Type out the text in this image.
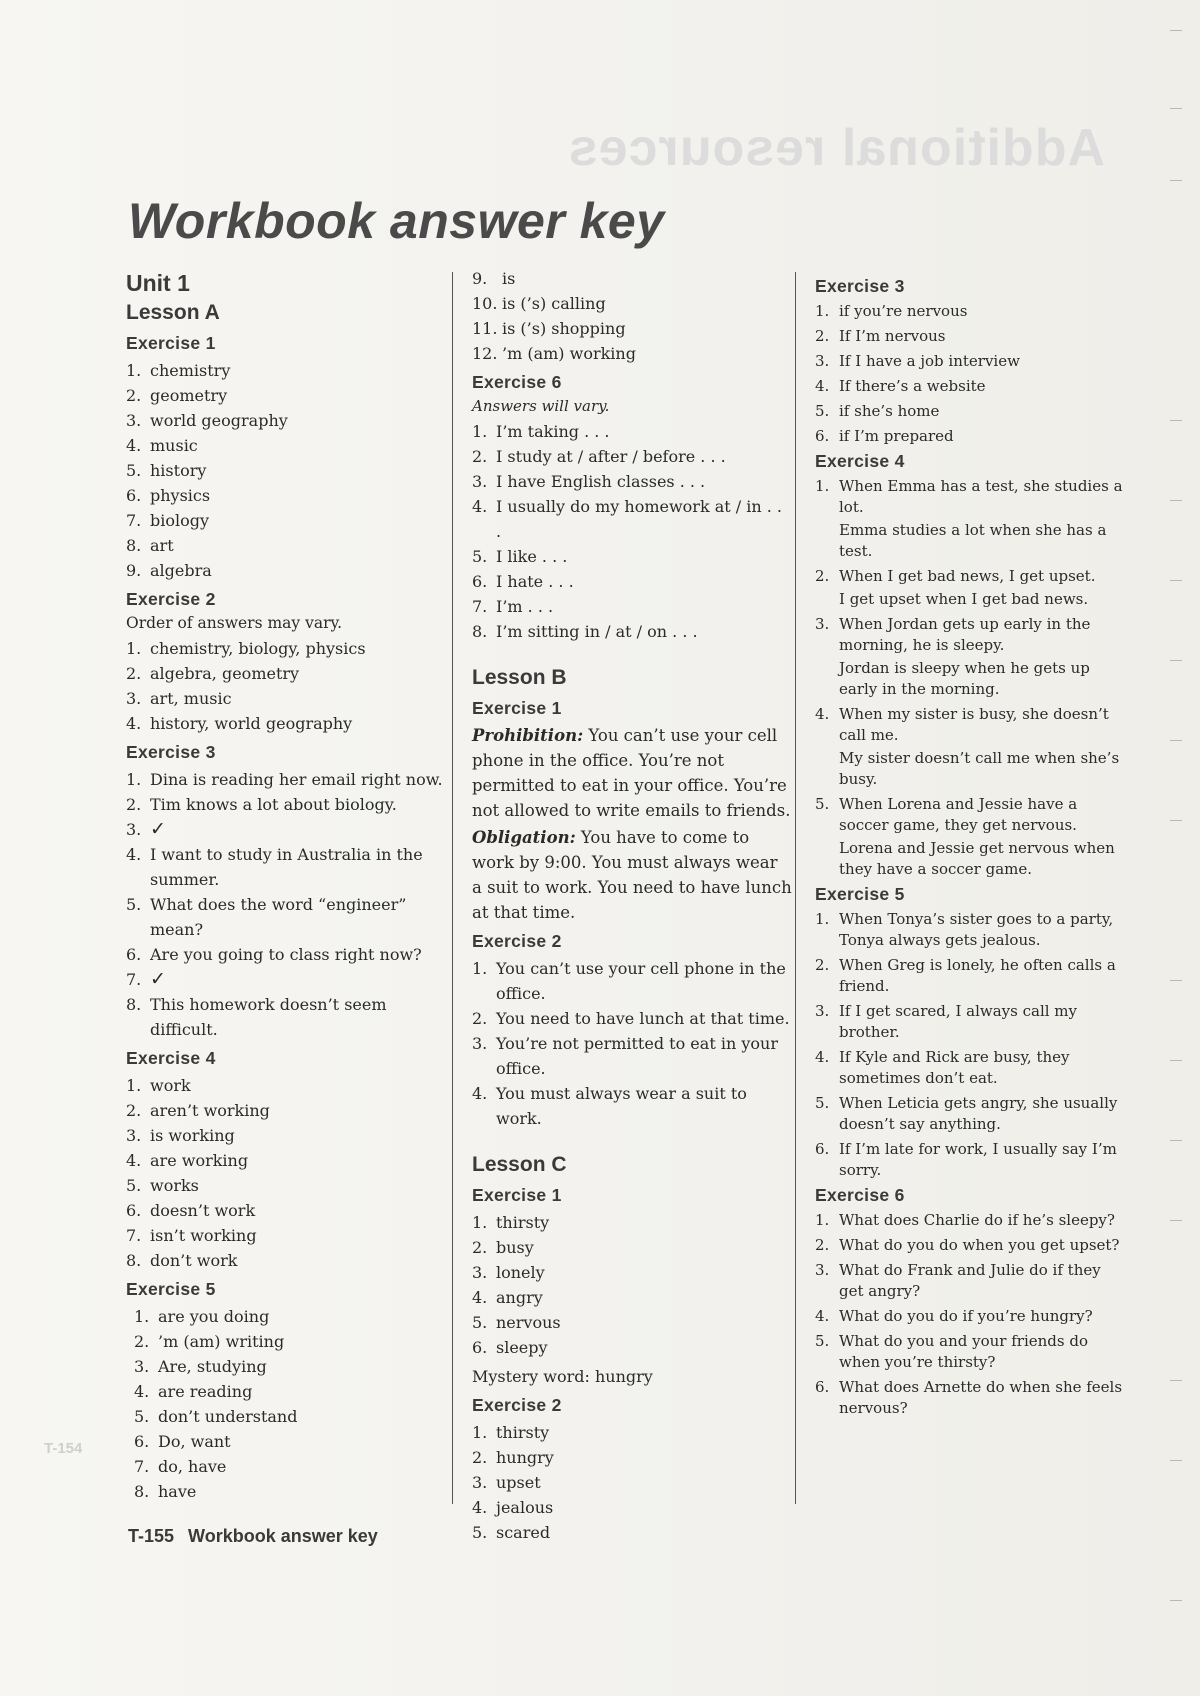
Additional resources
T-154
Workbook answer key
Unit 1
Lesson A
Exercise 1
1. chemistry
2. geometry
3. world geography
4. music
5. history
6. physics
7. biology
8. art
9. algebra
Exercise 2
Order of answers may vary.
1. chemistry, biology, physics
2. algebra, geometry
3. art, music
4. history, world geography
Exercise 3
1. Dina is reading her email right now.
2. Tim knows a lot about biology.
3. ✓
4. I want to study in Australia in the summer.
5. What does the word “engineer” mean?
6. Are you going to class right now?
7. ✓
8. This homework doesn’t seem difficult.
Exercise 4
1. work
2. aren’t working
3. is working
4. are working
5. works
6. doesn’t work
7. isn’t working
8. don’t work
Exercise 5
1. are you doing
2. ’m (am) writing
3. Are, studying
4. are reading
5. don’t understand
6. Do, want
7. do, have
8. have
9. is
10. is (’s) calling
11. is (’s) shopping
12. ’m (am) working
Exercise 6
Answers will vary.
1. I’m taking . . .
2. I study at / after / before . . .
3. I have English classes . . .
4. I usually do my homework at / in . . .
5. I like . . .
6. I hate . . .
7. I’m . . .
8. I’m sitting in / at / on . . .
Lesson B
Exercise 1
Prohibition: You can’t use your cell phone in the office. You’re not permitted to eat in your office. You’re not allowed to write emails to friends.
Obligation: You have to come to work by 9:00. You must always wear a suit to work. You need to have lunch at that time.
Exercise 2
1. You can’t use your cell phone in the office.
2. You need to have lunch at that time.
3. You’re not permitted to eat in your office.
4. You must always wear a suit to work.
Lesson C
Exercise 1
1. thirsty
2. busy
3. lonely
4. angry
5. nervous
6. sleepy
Mystery word: hungry
Exercise 2
1. thirsty
2. hungry
3. upset
4. jealous
5. scared
Exercise 3
1. if you’re nervous
2. If I’m nervous
3. If I have a job interview
4. If there’s a website
5. if she’s home
6. if I’m prepared
Exercise 4
1. When Emma has a test, she studies a lot.
Emma studies a lot when she has a test.
2. When I get bad news, I get upset.
I get upset when I get bad news.
3. When Jordan gets up early in the morning, he is sleepy.
Jordan is sleepy when he gets up early in the morning.
4. When my sister is busy, she doesn’t call me.
My sister doesn’t call me when she’s busy.
5. When Lorena and Jessie have a soccer game, they get nervous.
Lorena and Jessie get nervous when they have a soccer game.
Exercise 5
1. When Tonya’s sister goes to a party, Tonya always gets jealous.
2. When Greg is lonely, he often calls a friend.
3. If I get scared, I always call my brother.
4. If Kyle and Rick are busy, they sometimes don’t eat.
5. When Leticia gets angry, she usually doesn’t say anything.
6. If I’m late for work, I usually say I’m sorry.
Exercise 6
1. What does Charlie do if he’s sleepy?
2. What do you do when you get upset?
3. What do Frank and Julie do if they get angry?
4. What do you do if you’re hungry?
5. What do you and your friends do when you’re thirsty?
6. What does Arnette do when she feels nervous?
T-155 Workbook answer key
